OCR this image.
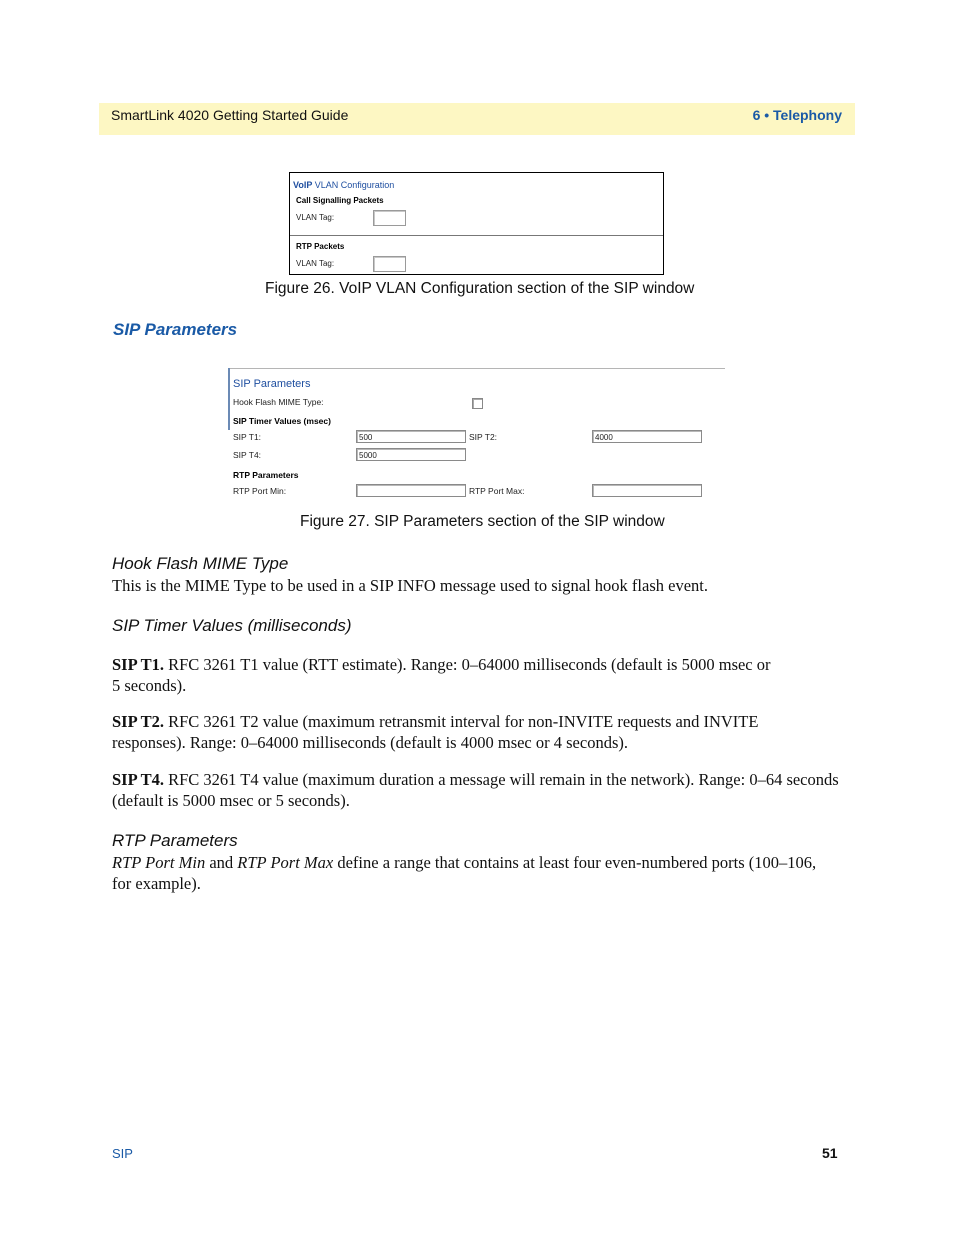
SmartLink 4020 Getting Started Guide	6 • Telephony
VoIP VLAN Configuration
Call Signalling Packets
VLAN Tag:
RTP Packets
VLAN Tag:
Figure 26. VoIP VLAN Configuration section of the SIP window
SIP Parameters
SIP Parameters
Hook Flash MIME Type:
SIP Timer Values (msec)
SIP T1:	500	SIP T2:	4000
SIP T4:	5000
RTP Parameters
RTP Port Min:	RTP Port Max:
Figure 27. SIP Parameters section of the SIP window
Hook Flash MIME Type
This is the MIME Type to be used in a SIP INFO message used to signal hook flash event.
SIP Timer Values (milliseconds)
SIP T1. RFC 3261 T1 value (RTT estimate). Range: 0–64000 milliseconds (default is 5000 msec or
5 seconds).
SIP T2. RFC 3261 T2 value (maximum retransmit interval for non-INVITE requests and INVITE
responses). Range: 0–64000 milliseconds (default is 4000 msec or 4 seconds).
SIP T4. RFC 3261 T4 value (maximum duration a message will remain in the network). Range: 0–64 seconds
(default is 5000 msec or 5 seconds).
RTP Parameters
RTP Port Min and RTP Port Max define a range that contains at least four even-numbered ports (100–106,
for example).
SIP	51
